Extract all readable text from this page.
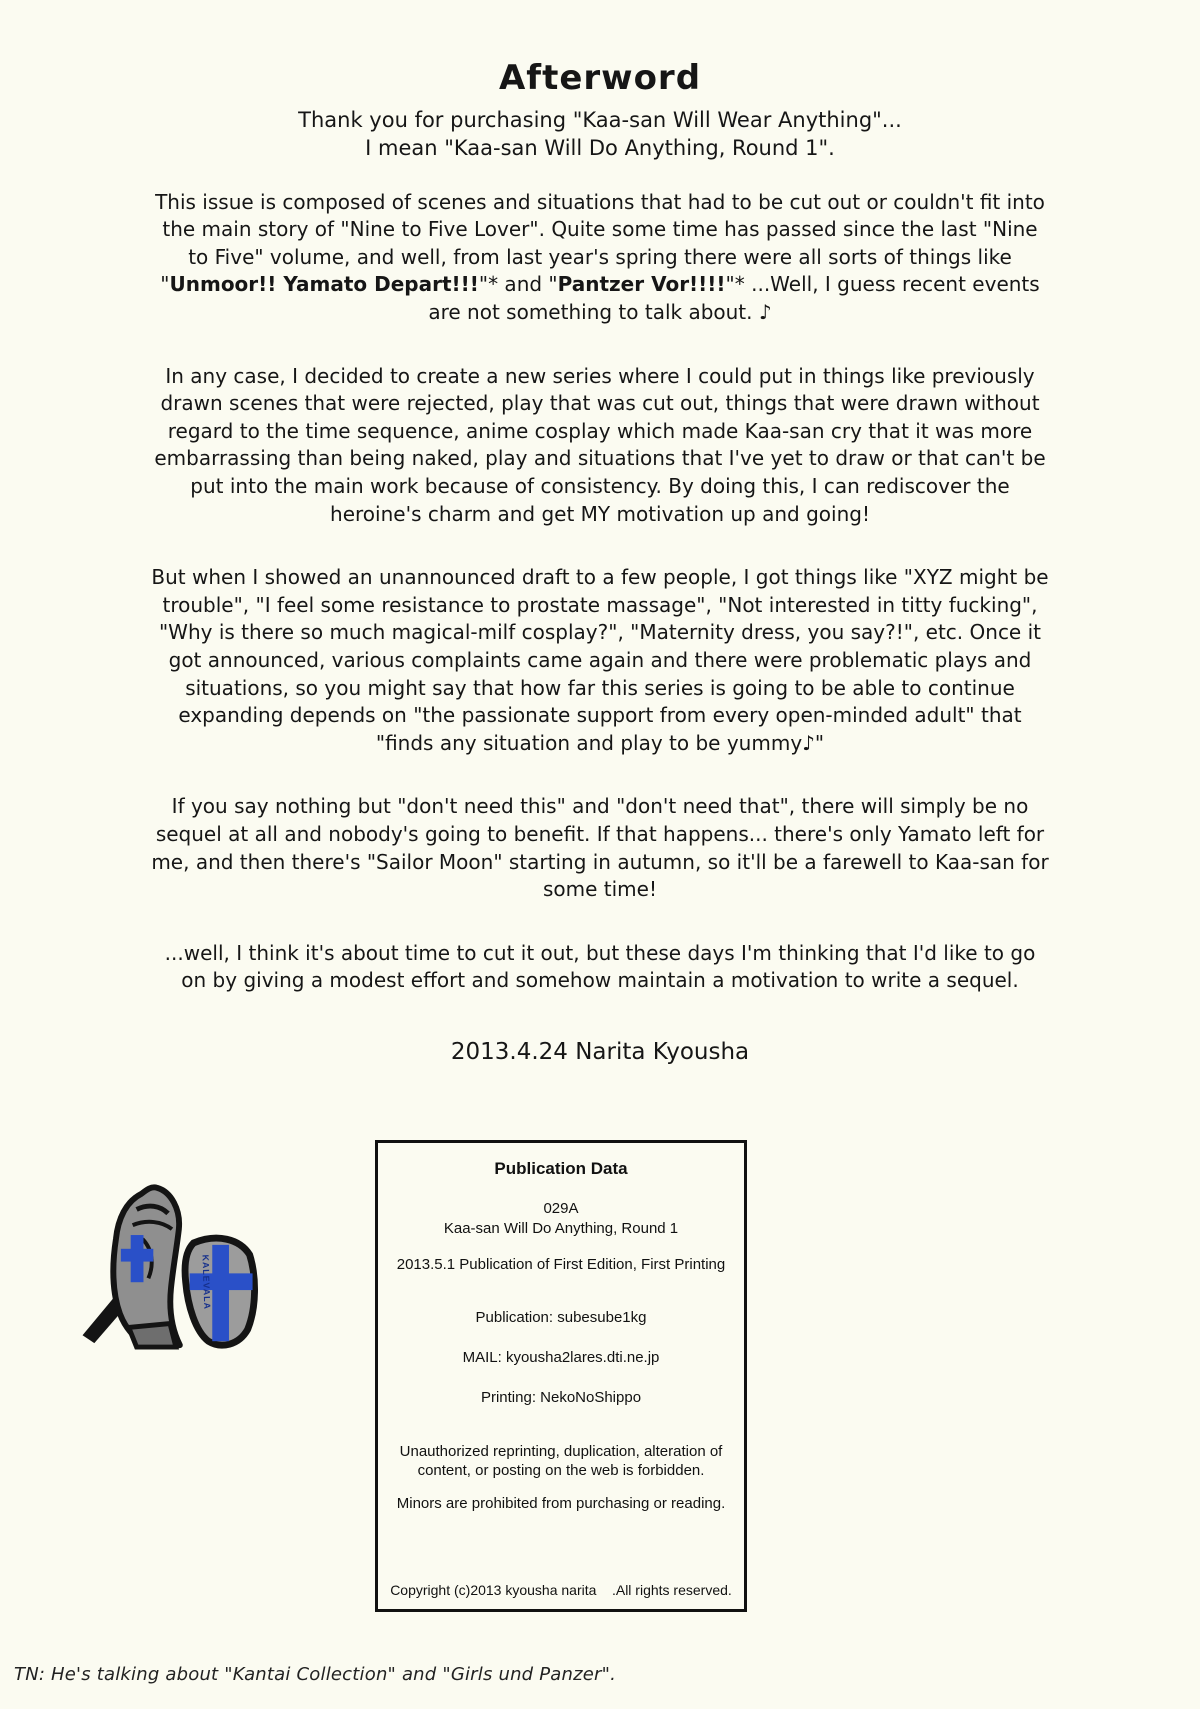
Afterword
Thank you for purchasing "Kaa-san Will Wear Anything"...
I mean "Kaa-san Will Do Anything, Round 1".
This issue is composed of scenes and situations that had to be cut out or couldn't fit into the main story of "Nine to Five Lover". Quite some time has passed since the last "Nine to Five" volume, and well, from last year's spring there were all sorts of things like "Unmoor!! Yamato Depart!!!"* and "Pantzer Vor!!!!"* ...Well, I guess recent events are not something to talk about. ♪
In any case, I decided to create a new series where I could put in things like previously drawn scenes that were rejected, play that was cut out, things that were drawn without regard to the time sequence, anime cosplay which made Kaa-san cry that it was more embarrassing than being naked, play and situations that I've yet to draw or that can't be put into the main work because of consistency. By doing this, I can rediscover the heroine's charm and get MY motivation up and going!
But when I showed an unannounced draft to a few people, I got things like "XYZ might be trouble", "I feel some resistance to prostate massage", "Not interested in titty fucking", "Why is there so much magical-milf cosplay?", "Maternity dress, you say?!", etc. Once it got announced, various complaints came again and there were problematic plays and situations, so you might say that how far this series is going to be able to continue expanding depends on "the passionate support from every open-minded adult" that "finds any situation and play to be yummy♪"
If you say nothing but "don't need this" and "don't need that", there will simply be no sequel at all and nobody's going to benefit. If that happens... there's only Yamato left for me, and then there's "Sailor Moon" starting in autumn, so it'll be a farewell to Kaa-san for some time!
...well, I think it's about time to cut it out, but these days I'm thinking that I'd like to go on by giving a modest effort and somehow maintain a motivation to write a sequel.
2013.4.24 Narita Kyousha
KALEVALA
Publication Data
029A
Kaa-san Will Do Anything, Round 1
2013.5.1 Publication of First Edition, First Printing
Publication: subesube1kg
MAIL: kyousha2lares.dti.ne.jp
Printing: NekoNoShippo
Unauthorized reprinting, duplication, alteration of content, or posting on the web is forbidden.
Minors are prohibited from purchasing or reading.
Copyright (c)2013 kyousha narita    .All rights reserved.
TN: He's talking about "Kantai Collection" and "Girls und Panzer".
